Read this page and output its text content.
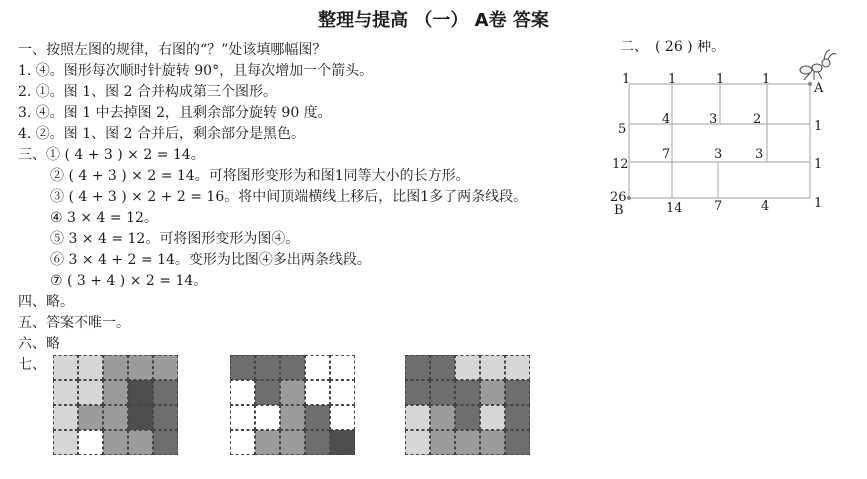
整理与提高 （一） A卷 答案
一、按照左图的规律，右图的“？”处该填哪幅图？
1. ④。图形每次顺时针旋转 90°，且每次增加一个箭头。
2. ①。图 1、图 2 合并构成第三个图形。
3. ④。图 1 中去掉图 2，且剩余部分旋转 90 度。
4. ②。图 1、图 2 合并后，剩余部分是黑色。
三、① ( 4 + 3 ) × 2 = 14。
② ( 4 + 3 ) × 2 = 14。可将图形变形为和图1同等大小的长方形。
③ ( 4 + 3 ) × 2 + 2 = 16。将中间顶端横线上移后，比图1多了两条线段。
④ 3 × 4 = 12。
⑤ 3 × 4 = 12。可将图形变形为图④。
⑥ 3 × 4 + 2 = 14。变形为比图④多出两条线段。
⑦ ( 3 + 4 ) × 2 = 14。
四、略。
五、答案不唯一。
六、略
七、
二、　( 26 ) 种。
1	1	1	1
5
4	3	2	1
12
7	3	3
1
26
14 7	4	1
A
B
